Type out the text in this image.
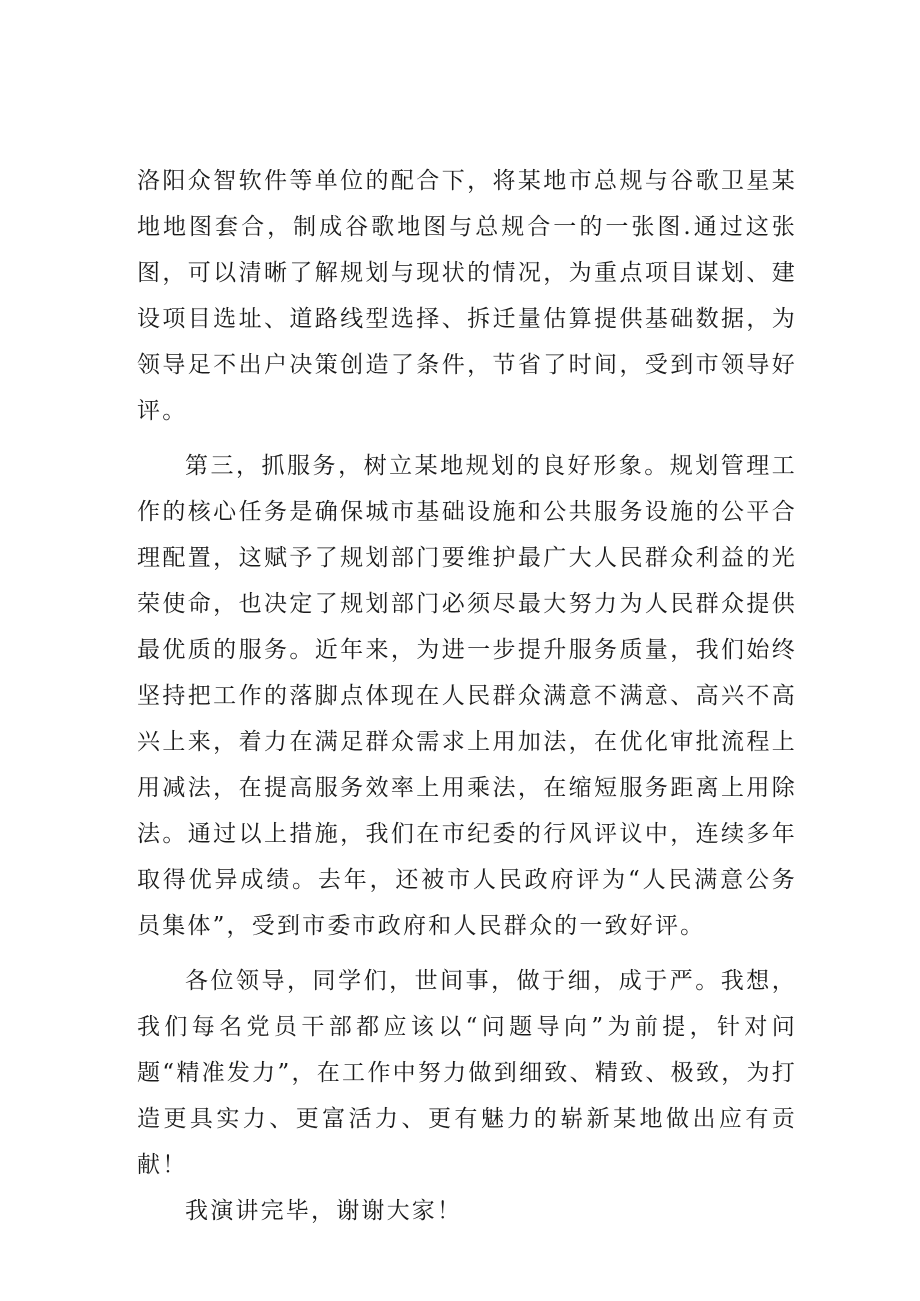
洛阳众智软件等单位的配合下，将某地市总规与谷歌卫星某地地图套合，制成谷歌地图与总规合一的一张图.通过这张图，可以清晰了解规划与现状的情况，为重点项目谋划、建设项目选址、道路线型选择、拆迁量估算提供基础数据，为领导足不出户决策创造了条件，节省了时间，受到市领导好评。

第三，抓服务，树立某地规划的良好形象。规划管理工作的核心任务是确保城市基础设施和公共服务设施的公平合理配置，这赋予了规划部门要维护最广大人民群众利益的光荣使命，也决定了规划部门必须尽最大努力为人民群众提供最优质的服务。近年来，为进一步提升服务质量，我们始终坚持把工作的落脚点体现在人民群众满意不满意、高兴不高兴上来，着力在满足群众需求上用加法，在优化审批流程上用减法，在提高服务效率上用乘法，在缩短服务距离上用除法。通过以上措施，我们在市纪委的行风评议中，连续多年取得优异成绩。去年，还被市人民政府评为“人民满意公务员集体”，受到市委市政府和人民群众的一致好评。

各位领导，同学们，世间事，做于细，成于严。我想，我们每名党员干部都应该以“问题导向”为前提，针对问题“精准发力”，在工作中努力做到细致、精致、极致，为打造更具实力、更富活力、更有魅力的崭新某地做出应有贡献！

我演讲完毕，谢谢大家！
